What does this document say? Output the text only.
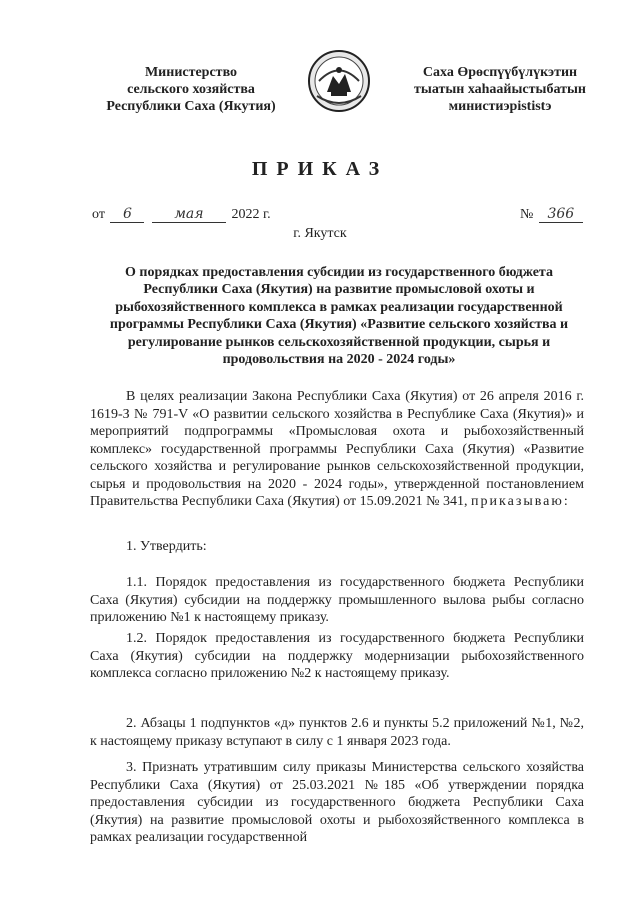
Министерство
сельского хозяйства
Республики Саха (Якутия)
Саха Өрөспүүбүлүкэтин
тыатын хаһаайыстыбатын
министиэрististэ
ПРИКАЗ
от 6	мая 2022 г.	№ 366
г. Якутск
О порядках предоставления субсидии из государственного бюджета Республики Саха (Якутия) на развитие промысловой охоты и рыбохозяйственного комплекса в рамках реализации государственной программы Республики Саха (Якутия) «Развитие сельского хозяйства и регулирование рынков сельскохозяйственной продукции, сырья и продовольствия на 2020 - 2024 годы»
В целях реализации Закона Республики Саха (Якутия) от 26 апреля 2016 г. 1619-З № 791-V «О развитии сельского хозяйства в Республике Саха (Якутия)» и мероприятий подпрограммы «Промысловая охота и рыбохозяйственный комплекс» государственной программы Республики Саха (Якутия) «Развитие сельского хозяйства и регулирование рынков сельскохозяйственной продукции, сырья и продовольствия на 2020 - 2024 годы», утвержденной постановлением Правительства Республики Саха (Якутия) от 15.09.2021 № 341, приказываю:
1. Утвердить:
1.1. Порядок предоставления из государственного бюджета Республики Саха (Якутия) субсидии на поддержку промышленного вылова рыбы согласно приложению №1 к настоящему приказу.
1.2. Порядок предоставления из государственного бюджета Республики Саха (Якутия) субсидии на поддержку модернизации рыбохозяйственного комплекса согласно приложению №2 к настоящему приказу.
2. Абзацы 1 подпунктов «д» пунктов 2.6 и пункты 5.2 приложений №1, №2, к настоящему приказу вступают в силу с 1 января 2023 года.
3. Признать утратившим силу приказы Министерства сельского хозяйства Республики Саха (Якутия) от 25.03.2021 №185 «Об утверждении порядка предоставления субсидии из государственного бюджета Республики Саха (Якутия) на развитие промысловой охоты и рыбохозяйственного комплекса в рамках реализации государственной
